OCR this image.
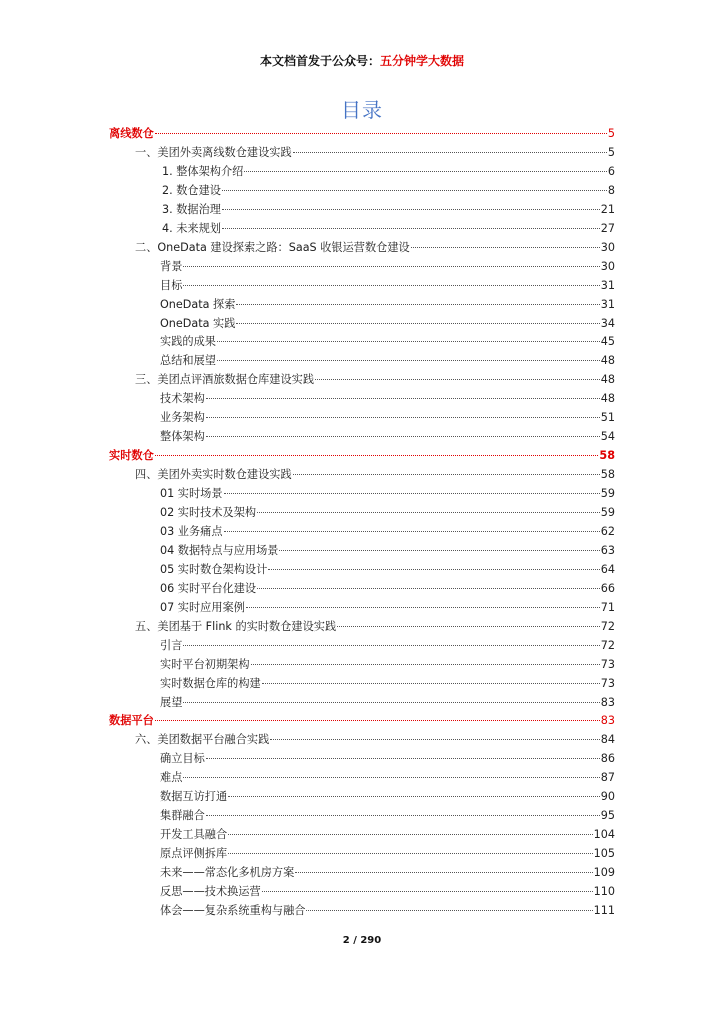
本文档首发于公众号：五分钟学大数据
目录
离线数仓	5
一、美团外卖离线数仓建设实践	5
1. 整体架构介绍	6
2. 数仓建设	8
3. 数据治理	21
4. 未来规划	27
二、OneData 建设探索之路：SaaS 收银运营数仓建设	30
背景	30
目标	31
OneData 探索	31
OneData 实践	34
实践的成果	45
总结和展望	48
三、美团点评酒旅数据仓库建设实践	48
技术架构	48
业务架构	51
整体架构	54
实时数仓	58
四、美团外卖实时数仓建设实践	58
01 实时场景	59
02 实时技术及架构	59
03 业务痛点	62
04 数据特点与应用场景	63
05 实时数仓架构设计	64
06 实时平台化建设	66
07 实时应用案例	71
五、美团基于 Flink 的实时数仓建设实践	72
引言	72
实时平台初期架构	73
实时数据仓库的构建	73
展望	83
数据平台	83
六、美团数据平台融合实践	84
确立目标	86
难点	87
数据互访打通	90
集群融合	95
开发工具融合	104
原点评侧拆库	105
未来——常态化多机房方案	109
反思——技术换运营	110
体会——复杂系统重构与融合	111
2 / 290
